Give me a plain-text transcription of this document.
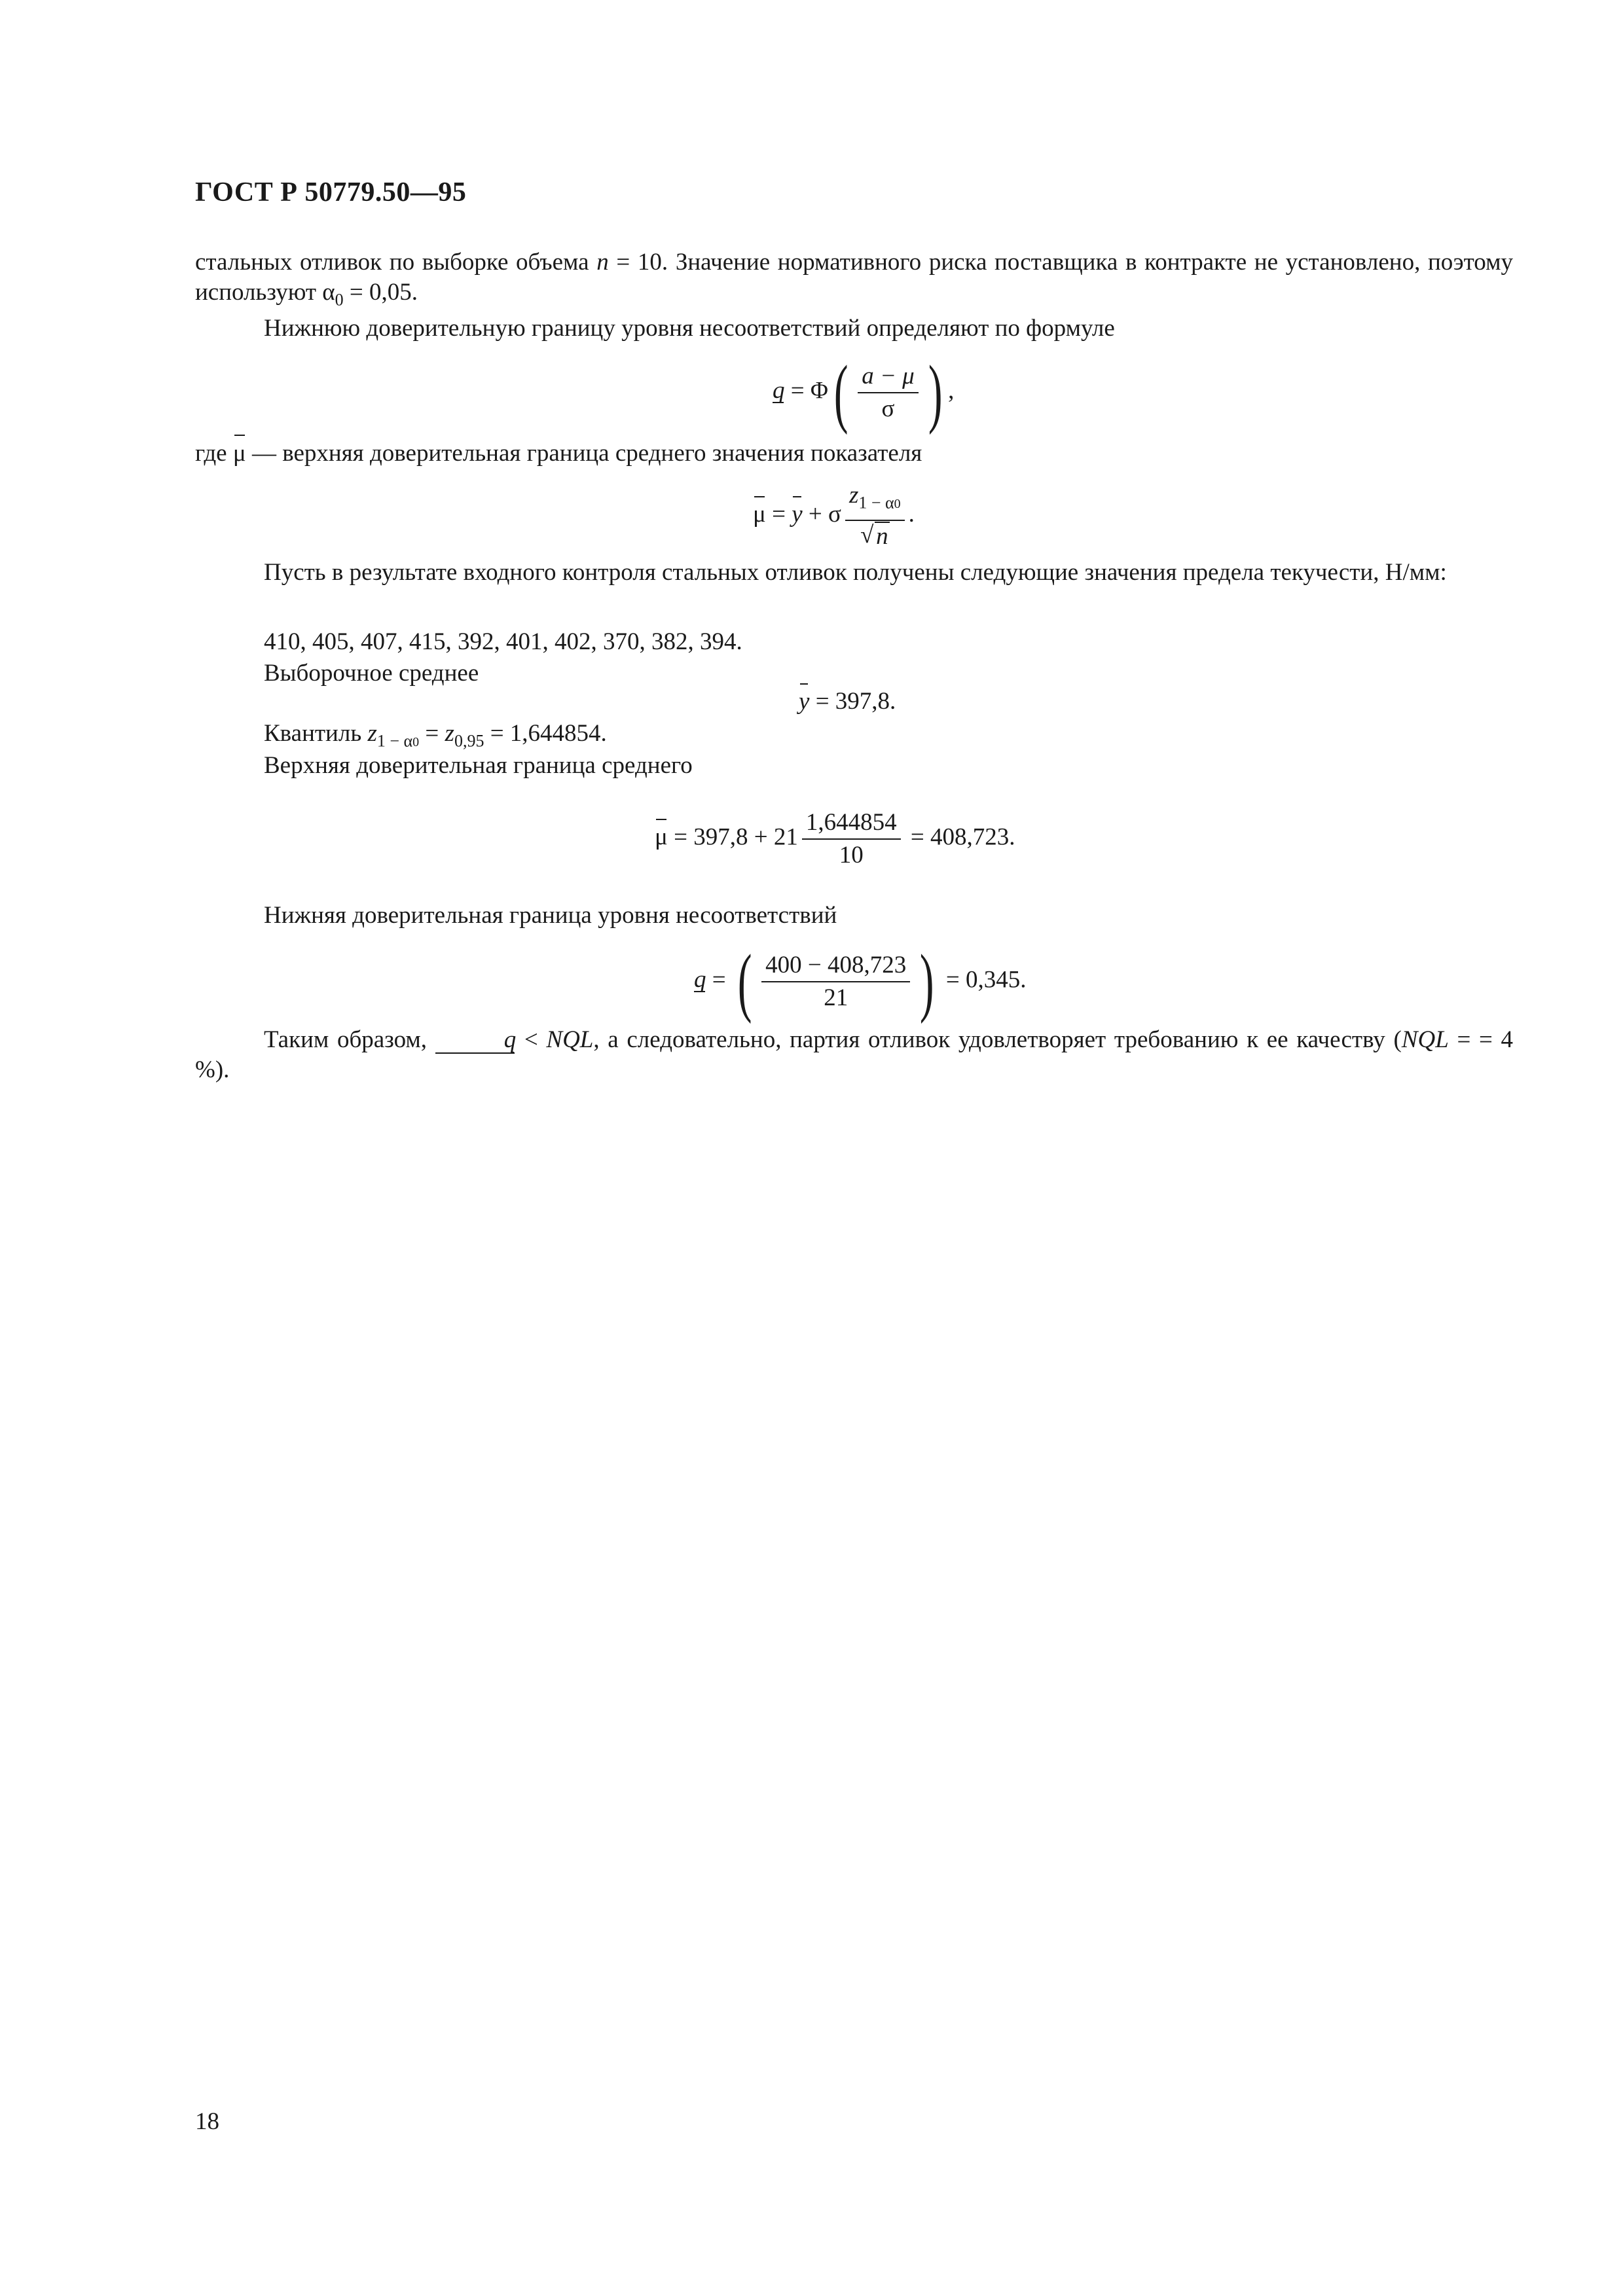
ГОСТ Р 50779.50—95

стальных отливок по выборке объема n = 10. Значение нормативного риска поставщика в контракте не установлено, поэтому используют $\alpha_0 = 0,05$.

Нижнюю доверительную границу уровня несоответствий определяют по формуле

$q = \Phi( \frac{a - \mu}{\sigma}$ ) ,

где μ — верхняя доверительная граница среднего значения показателя

μ = y + σ $z_{1 - \alpha 0}$
√ n .

Пусть в результате входного контроля стальных отливок получены следующие значения предела текучести, Н/мм:

410, 405, 407, 415, 392, 401, 402, 370, 382, 394.

Выборочное среднее

y = 397,8.

Квантиль $z_{1 - \alpha 0} = z_{0,95} = 1,644854$.

Верхняя доверительная граница среднего

$\mu = 397,8 + 21 \frac{1,644854}{10} = 408,723$.

Нижняя доверительная граница уровня несоответствий

q = ( $\frac{400 - 408,723}{21}$ ) = 0,345.

Таким образом,	q < NQL, а следовательно, партия отливок удовлетворяет требованию к ее качеству (NQL = = 4 %).

18
